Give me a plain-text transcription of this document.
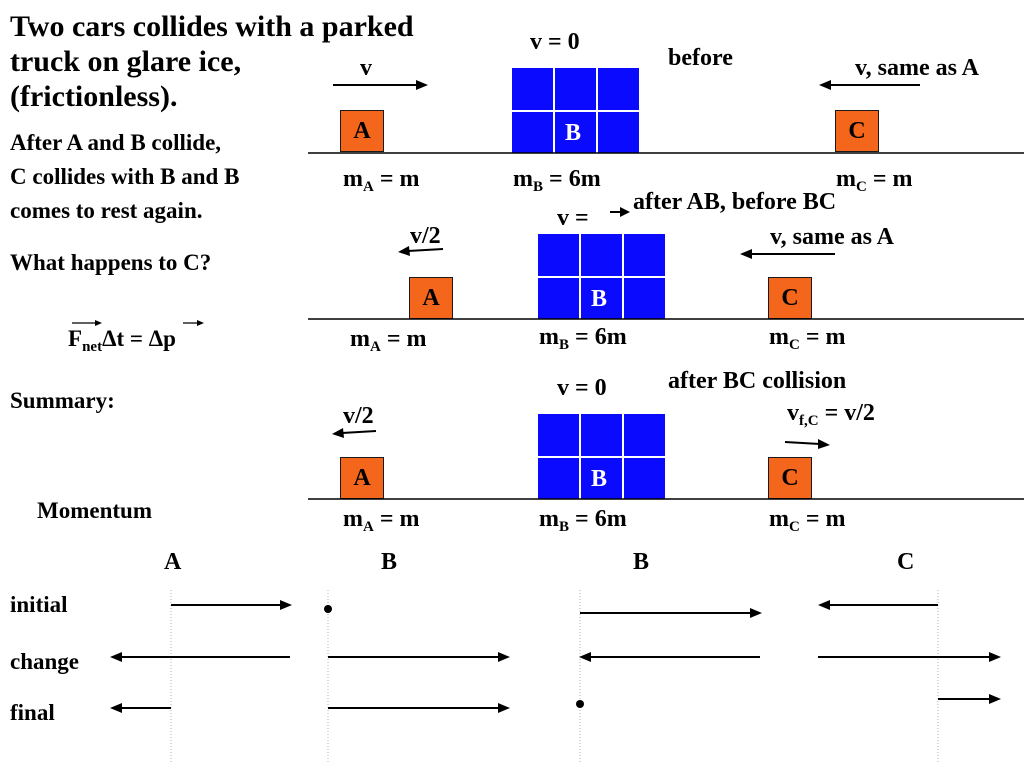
Two cars collides with a parked
truck on glare ice,
(frictionless).
After A and B collide,
C collides with B and B
comes to rest again.
What happens to C?
$F_{net}\Delta t = \Delta p$
Summary:
Momentum
v = 0
before
v	v, same as A
A	B	C
$m_A = m$	$m_B = 6m$	$m_C = m$
after AB, before BC
v =
v/2	v, same as A
A	B	C
$m_A = m$	$m_B = 6m$	$m_C = m$
after BC collision
v = 0
v/2	$v_{f,C} = v/2$
A	B	C
$m_A = m$	$m_B = 6m$	$m_C = m$
A	B	B	C
initial
change
final
